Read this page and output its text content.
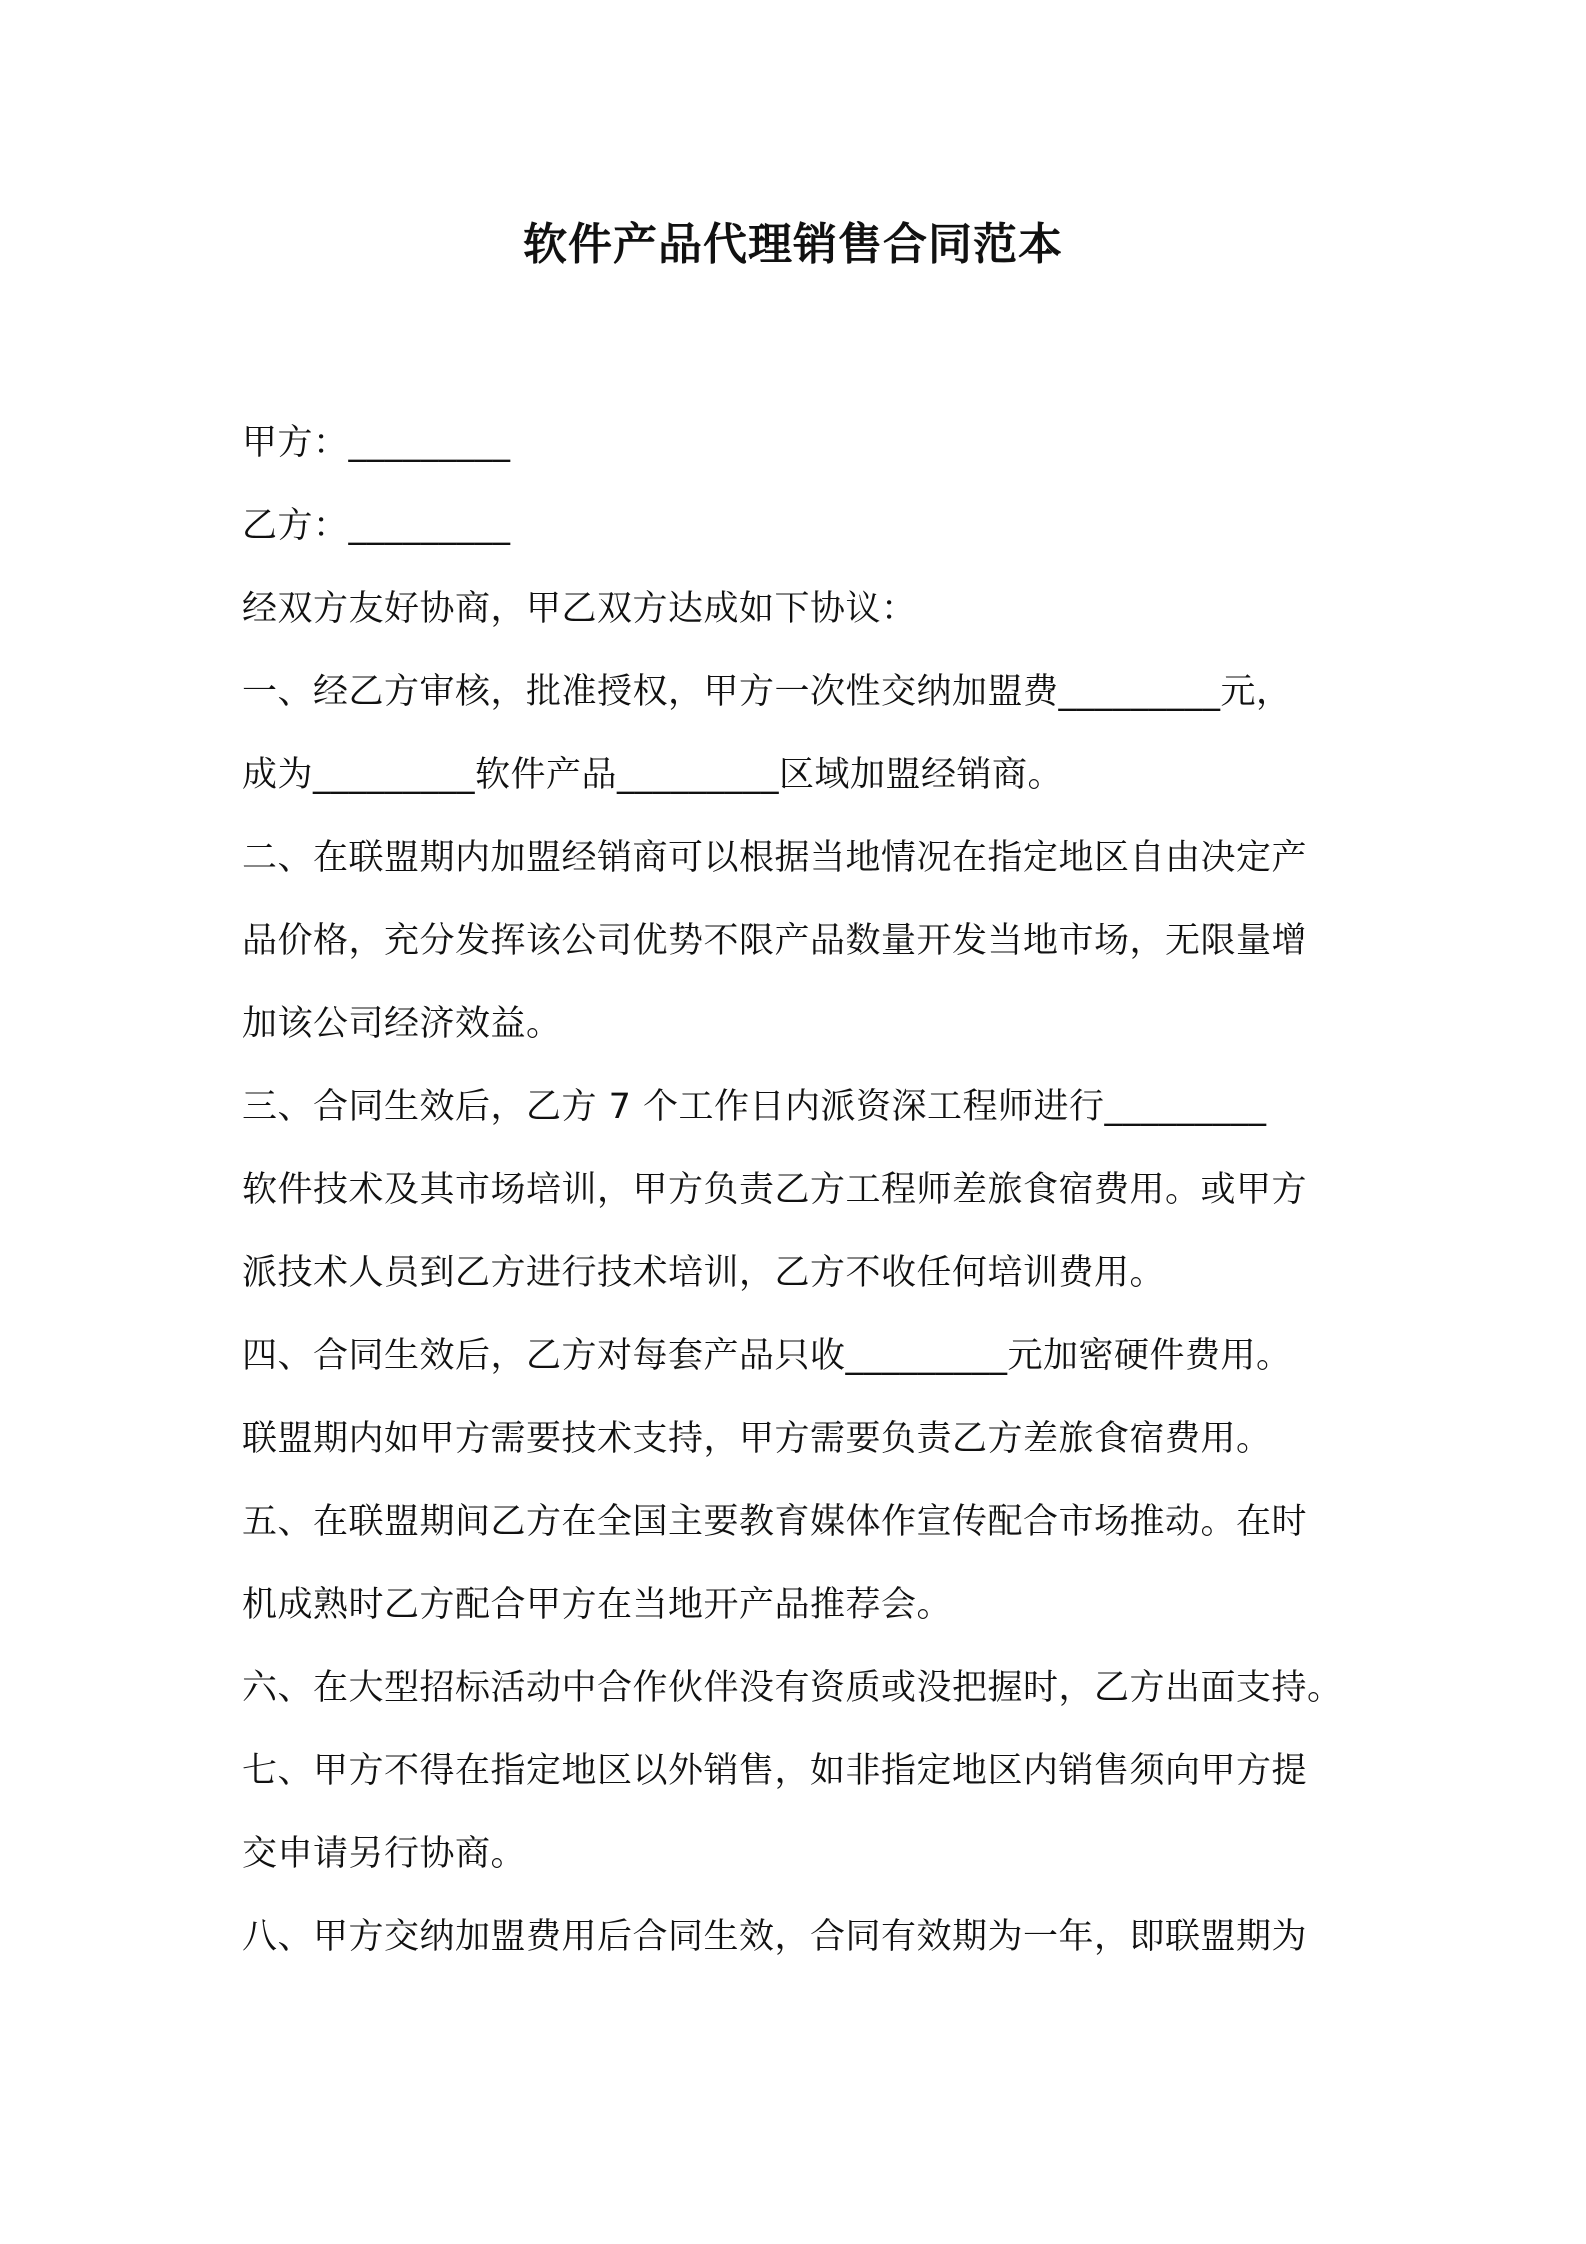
软件产品代理销售合同范本
甲方：_________
乙方：_________
经双方友好协商，甲乙双方达成如下协议：
一、经乙方审核，批准授权，甲方一次性交纳加盟费_________元，
成为_________软件产品_________区域加盟经销商。
二、在联盟期内加盟经销商可以根据当地情况在指定地区自由决定产
品价格，充分发挥该公司优势不限产品数量开发当地市场，无限量增
加该公司经济效益。
三、合同生效后，乙方 7 个工作日内派资深工程师进行_________
软件技术及其市场培训，甲方负责乙方工程师差旅食宿费用。或甲方
派技术人员到乙方进行技术培训，乙方不收任何培训费用。
四、合同生效后，乙方对每套产品只收_________元加密硬件费用。
联盟期内如甲方需要技术支持，甲方需要负责乙方差旅食宿费用。
五、在联盟期间乙方在全国主要教育媒体作宣传配合市场推动。在时
机成熟时乙方配合甲方在当地开产品推荐会。
六、在大型招标活动中合作伙伴没有资质或没把握时，乙方出面支持。
七、甲方不得在指定地区以外销售，如非指定地区内销售须向甲方提
交申请另行协商。
八、甲方交纳加盟费用后合同生效，合同有效期为一年，即联盟期为
